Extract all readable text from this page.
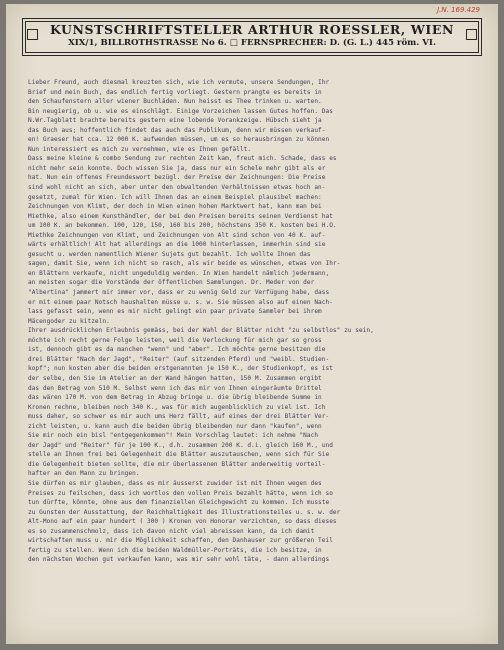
J.N. 169.429
KUNSTSCHRIFTSTELLER ARTHUR ROESSLER, WIEN
XIX/1, BILLROTHSTRASSE No 6. □ FERNSPRECHER: D. (G. L.) 445 röm. VI.
Lieber Freund, auch diesmal kreuzten sich, wie ich vermute, unsere Sendungen, Ihr
Brief und mein Buch, das endlich fertig vorliegt. Gestern prangte es bereits in
den Schaufenstern aller wiener Buchläden. Nun heisst es Thee trinken u. warten.
Bin neugierig, ob u. wie es einschlägt. Einige Vorzeichen lassen Gutes hoffen. Das
N.Wr.Tagblatt brachte bereits gestern eine lobende Vorankzeige. Hübsch sieht ja
das Buch aus; hoffentlich findet das auch das Publikum, denn wir müssen verkauf-
en! Graeser hat cca. 12 000 K. aufwenden müssen, um es so herausbringen zu können
Nun interessiert es mich zu vernehmen, wie es Ihnen gefällt.
Dass meine kleine & combo Sendung zur rechten Zeit kam, freut mich. Schade, dass es
nicht mehr sein konnte. Doch wissen Sie ja, dass nur ein Schele mehr gibt als er
hat. Nun ein offenes Freundeswort bezügl. der Preise der Zeichnungen: Die Preise
sind wohl nicht an sich, aber unter den obwaltenden Verhältnissen etwas hoch an-
gesetzt, zumal für Wien. Ich will Ihnen das an einem Beispiel plausibel machen:
Zeichnungen von Klimt, der doch in Wien einen hohen Marktwert hat, kann man bei
Miethke, also einem Kunsthändler, der bei den Preisen bereits seinen Verdienst hat
um 100 K. an bekommen. 100, 120, 150, 160 bis 200, höchstens 350 K. kosten bei H.O.
Miethke Zeichnungen von Klimt, und Zeichnungen von Alt sind schon von 40 K. auf-
wärts erhältlich! Alt hat allerdings an die 1000 hinterlassen, immerhin sind sie
gesucht u. werden namentlich Wiener Sujets gut bezahlt. Ich wollte Ihnen das
sagen, damit Sie, wenn ich nicht so rasch, als wir beide es wünschen, etwas von Ihr-
en Blättern verkaufe, nicht ungeduldig werden. In Wien handelt nämlich jedermann,
an meisten sogar die Vorstände der öffentlichen Sammlungen. Dr. Meder von der
"Albertina" jammert mir immer vor, dass er zu wenig Geld zur Verfügung habe, dass
er mit einem paar Notsch haushalten müsse u. s. w. Sie müssen also auf einen Nach-
lass gefasst sein, wenn es mir nicht gelingt ein paar private Sammler bei ihrem
Mäcengoder zu kitzeln.
Ihrer ausdrücklichen Erlaubnis gemäss, bei der Wahl der Blätter nicht "zu selbstlos" zu sein,
möchte ich recht gerne Folge leisten, weil die Verlockung für mich gar so gross
ist, dennoch gibt es da manchen "wenn" und "aber". Ich möchte gerne besitzen die
drei Blätter "Nach der Jagd", "Reiter" (auf sitzenden Pferd) und "weibl. Studien-
kopf"; nun kosten aber die beiden erstgenannten je 150 K., der Studienkopf, es ist
der selbe, den Sie im Atelier an der Wand hängen hatten, 150 M. Zusammen ergibt
das den Betrag von 510 M. Selbst wenn ich das mir von Ihnen eingeräumte Drittel
das wären 170 M. von dem Betrag in Abzug bringe u. die übrig bleibende Summe in
Kronen rechne, bleiben noch 340 K., was für mich augenblicklich zu viel ist. Ich
muss daher, so schwer es mir auch ums Herz fällt, auf eines der drei Blätter Ver-
zicht leisten, u. kann auch die beiden übrig bleibenden nur dann "kaufen", wenn
Sie mir noch ein bisl "entgegenkommen"! Mein Vorschlag lautet: ich nehme "Nach
der Jagd" und "Reiter" für je 100 K., d.h. zusammen 200 K. d.i. gleich 160 M., und
stelle an Ihnen frei bei Gelegenheit die Blätter auszutauschen, wenn sich für Sie
die Gelegenheit bieten sollte, die mir überlassenen Blätter anderweitig vorteil-
hafter an den Mann zu bringen.
Sie dürfen es mir glauben, dass es mir äusserst zuwider ist mit Ihnen wegen des
Preises zu feilschen, dass ich wortlos den vollen Preis bezahlt hätte, wenn ich so
tun dürfte, könnte, ohne aus dem finanziellen Gleichgewicht zu kommen. Ich musste
zu Gunsten der Ausstattung, der Reichhaltigkeit des Illustrationsteiles u. s. w. der
Alt-Mono auf ein paar hundert ( 300 ) Kronen von Honorar verzichten, so dass dieses
es so zusammenschmolz, dass ich davon nicht viel abreissen kann, da ich damit
wirtschaften muss u. mir die Möglichkeit schaffen, den Danhauser zur größeren Teil
fertig zu stellen. Wenn ich die beiden Waldmüller-Porträts, die ich besitze, in
den nächsten Wochen gut verkaufen kann, was mir sehr wohl täte, - dann allerdings
